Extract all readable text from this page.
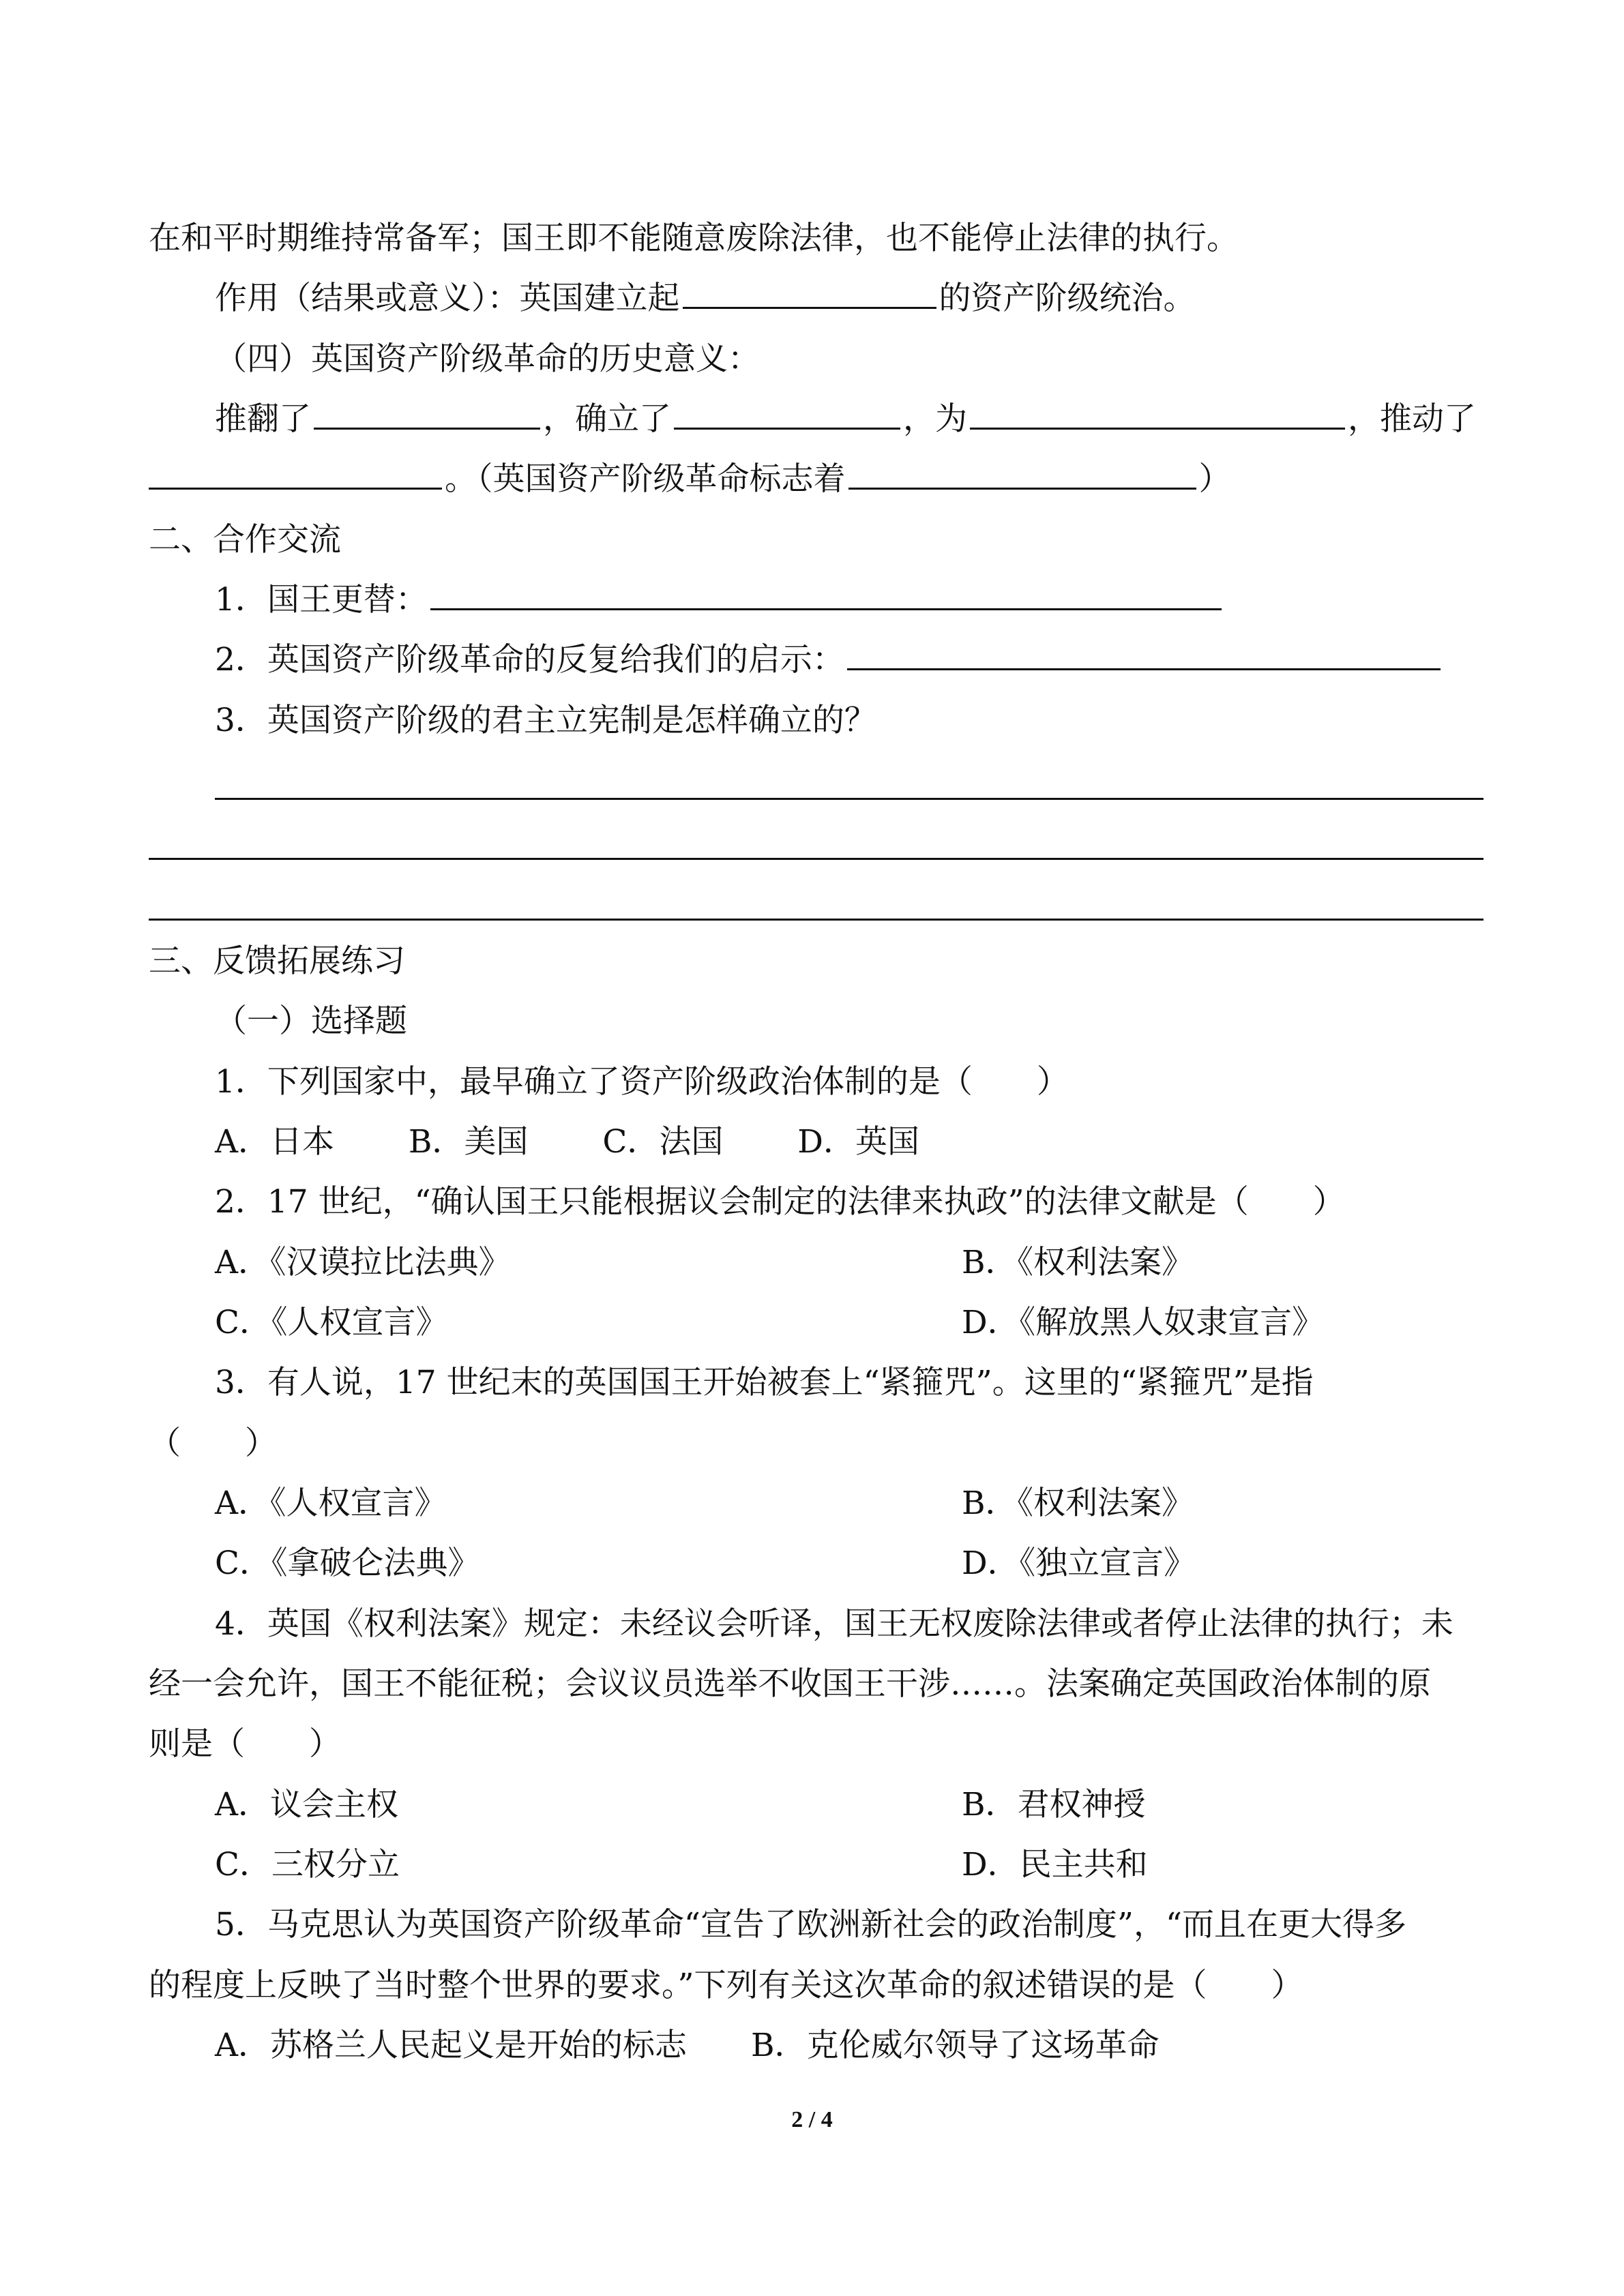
在和平时期维持常备军；国王即不能随意废除法律，也不能停止法律的执行。
作用（结果或意义）：英国建立起	的资产阶级统治。
（四）英国资产阶级革命的历史意义：
推翻了	，确立了	，为	，推动了
。（英国资产阶级革命标志着	）
二、合作交流
1．国王更替：
2．英国资产阶级革命的反复给我们的启示：
3．英国资产阶级的君主立宪制是怎样确立的？
三、反馈拓展练习
（一）选择题
1．下列国家中，最早确立了资产阶级政治体制的是（　　）
A．日本　　 B．美国　　 C．法国　　 D．英国
2．17 世纪，“确认国王只能根据议会制定的法律来执政”的法律文献是（　　）
A．《汉谟拉比法典》	B．《权利法案》
C．《人权宣言》	D．《解放黑人奴隶宣言》
3．有人说，17 世纪末的英国国王开始被套上“紧箍咒”。这里的“紧箍咒”是指
（　　）
A．《人权宣言》	B．《权利法案》
C．《拿破仑法典》	D．《独立宣言》
4．英国《权利法案》规定：未经议会听译，国王无权废除法律或者停止法律的执行；未
经一会允许，国王不能征税；会议议员选举不收国王干涉……。法案确定英国政治体制的原
则是（　　）
A．议会主权	B．君权神授
C．三权分立	D．民主共和
5．马克思认为英国资产阶级革命“宣告了欧洲新社会的政治制度”，“而且在更大得多
的程度上反映了当时整个世界的要求。”下列有关这次革命的叙述错误的是（　　）
A．苏格兰人民起义是开始的标志　　B．克伦威尔领导了这场革命
2 / 4
